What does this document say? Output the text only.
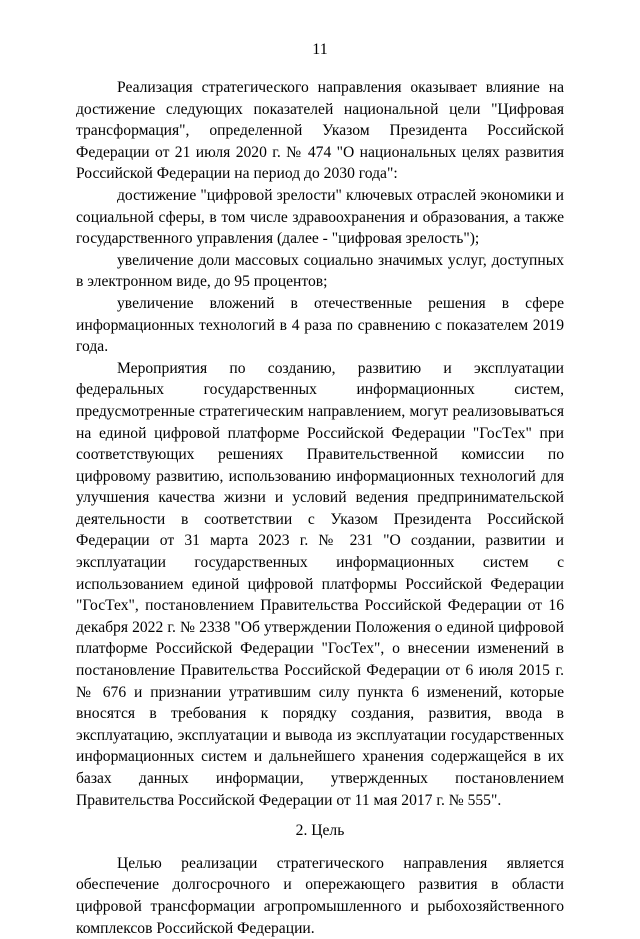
11

Реализация стратегического направления оказывает влияние на достижение следующих показателей национальной цели "Цифровая трансформация", определенной Указом Президента Российской Федерации от 21 июля 2020 г. № 474 "О национальных целях развития Российской Федерации на период до 2030 года":

достижение "цифровой зрелости" ключевых отраслей экономики и социальной сферы, в том числе здравоохранения и образования, а также государственного управления (далее - "цифровая зрелость");

увеличение доли массовых социально значимых услуг, доступных в электронном виде, до 95 процентов;

увеличение вложений в отечественные решения в сфере информационных технологий в 4 раза по сравнению с показателем 2019 года.

Мероприятия по созданию, развитию и эксплуатации федеральных государственных информационных систем, предусмотренные стратегическим направлением, могут реализовываться на единой цифровой платформе Российской Федерации "ГосТех" при соответствующих решениях Правительственной комиссии по цифровому развитию, использованию информационных технологий для улучшения качества жизни и условий ведения предпринимательской деятельности в соответствии с Указом Президента Российской Федерации от 31 марта 2023 г. № 231 "О создании, развитии и эксплуатации государственных информационных систем с использованием единой цифровой платформы Российской Федерации "ГосТех", постановлением Правительства Российской Федерации от 16 декабря 2022 г. № 2338 "Об утверждении Положения о единой цифровой платформе Российской Федерации "ГосТех", о внесении изменений в постановление Правительства Российской Федерации от 6 июля 2015 г. № 676 и признании утратившим силу пункта 6 изменений, которые вносятся в требования к порядку создания, развития, ввода в эксплуатацию, эксплуатации и вывода из эксплуатации государственных информационных систем и дальнейшего хранения содержащейся в их базах данных информации, утвержденных постановлением Правительства Российской Федерации от 11 мая 2017 г. № 555".

2. Цель

Целью реализации стратегического направления является обеспечение долгосрочного и опережающего развития в области цифровой трансформации агропромышленного и рыбохозяйственного комплексов Российской Федерации.
